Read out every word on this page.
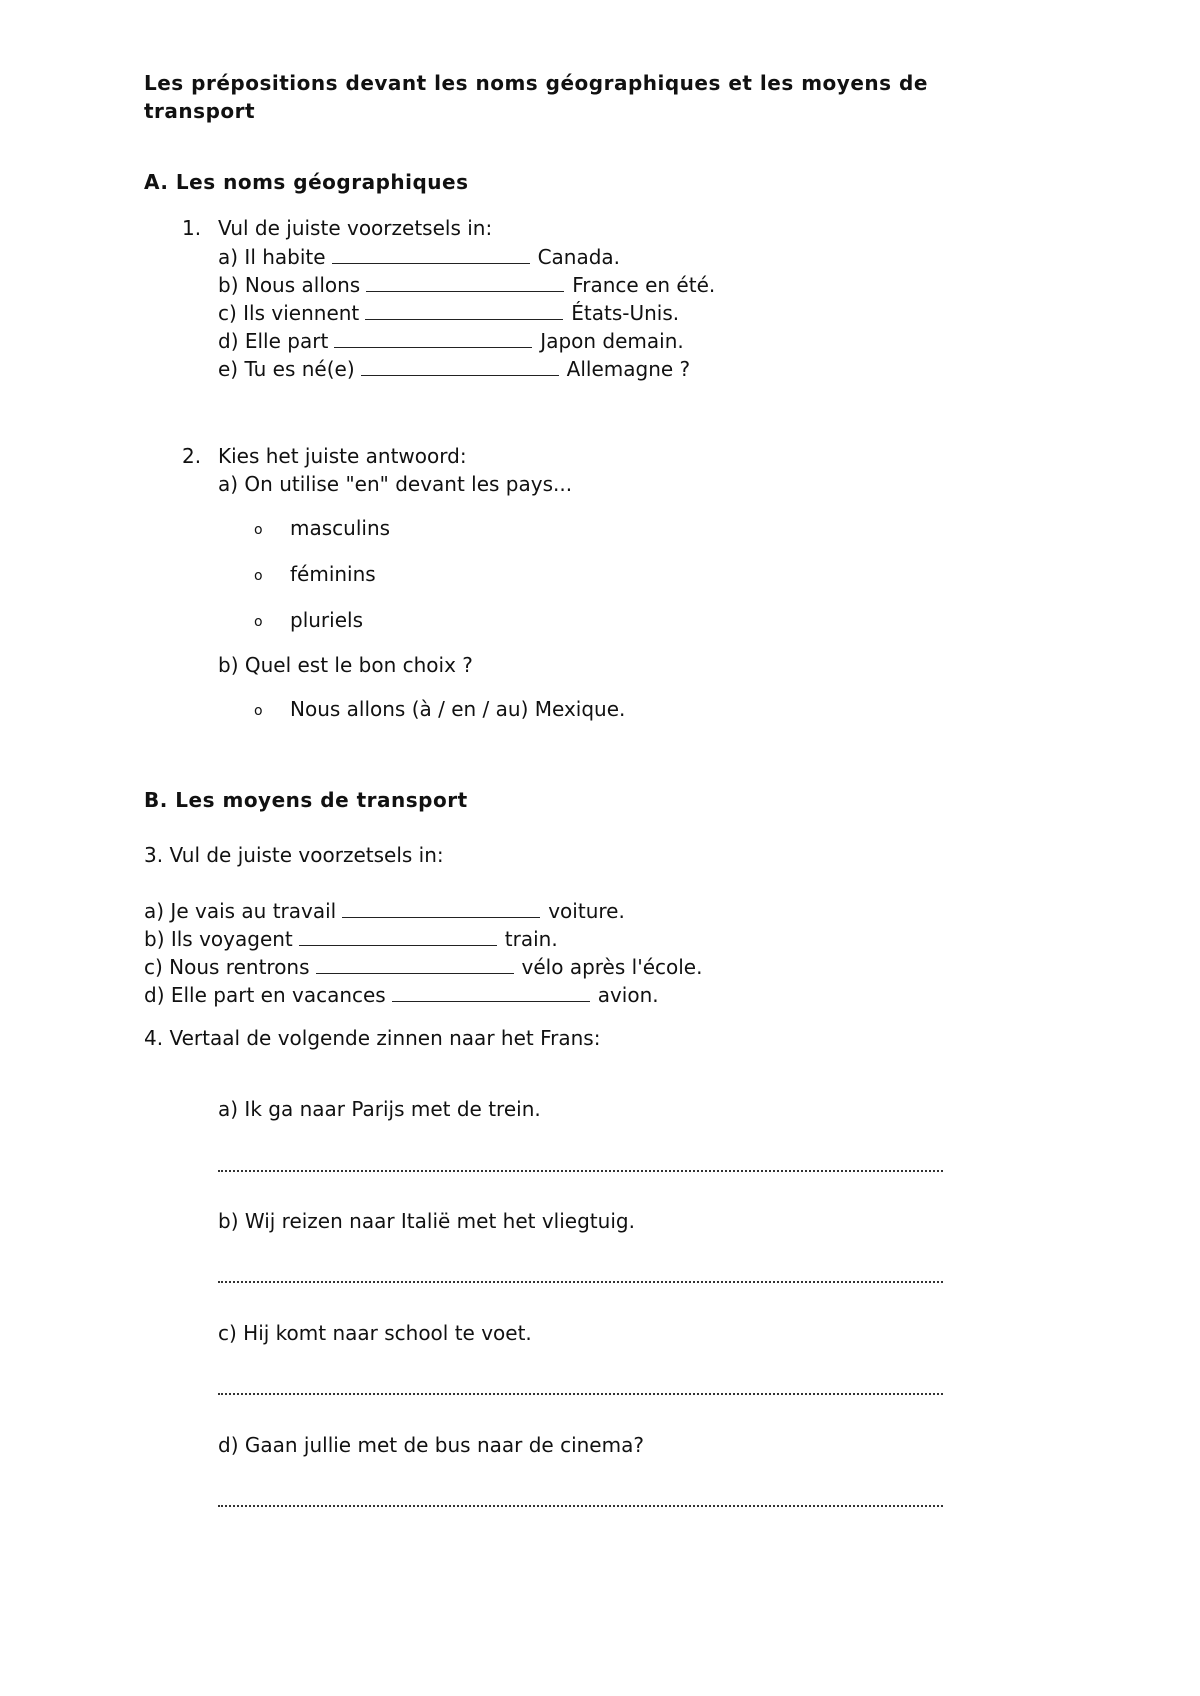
Les prépositions devant les noms géographiques et les moyens de
transport
A. Les noms géographiques
1. Vul de juiste voorzetsels in:
a) Il habite	Canada.
b) Nous allons	France en été.
c) Ils viennent	États-Unis.
d) Elle part	Japon demain.
e) Tu es né(e)	Allemagne ?
2. Kies het juiste antwoord:
a) On utilise "en" devant les pays...
o masculins
o féminins
o pluriels
b) Quel est le bon choix ?
o Nous allons (à / en / au) Mexique.
B. Les moyens de transport
3. Vul de juiste voorzetsels in:
a) Je vais au travail	voiture.
b) Ils voyagent	train.
c) Nous rentrons	vélo après l'école.
d) Elle part en vacances	avion.
4. Vertaal de volgende zinnen naar het Frans:
a) Ik ga naar Parijs met de trein.
b) Wij reizen naar Italië met het vliegtuig.
c) Hij komt naar school te voet.
d) Gaan jullie met de bus naar de cinema?
